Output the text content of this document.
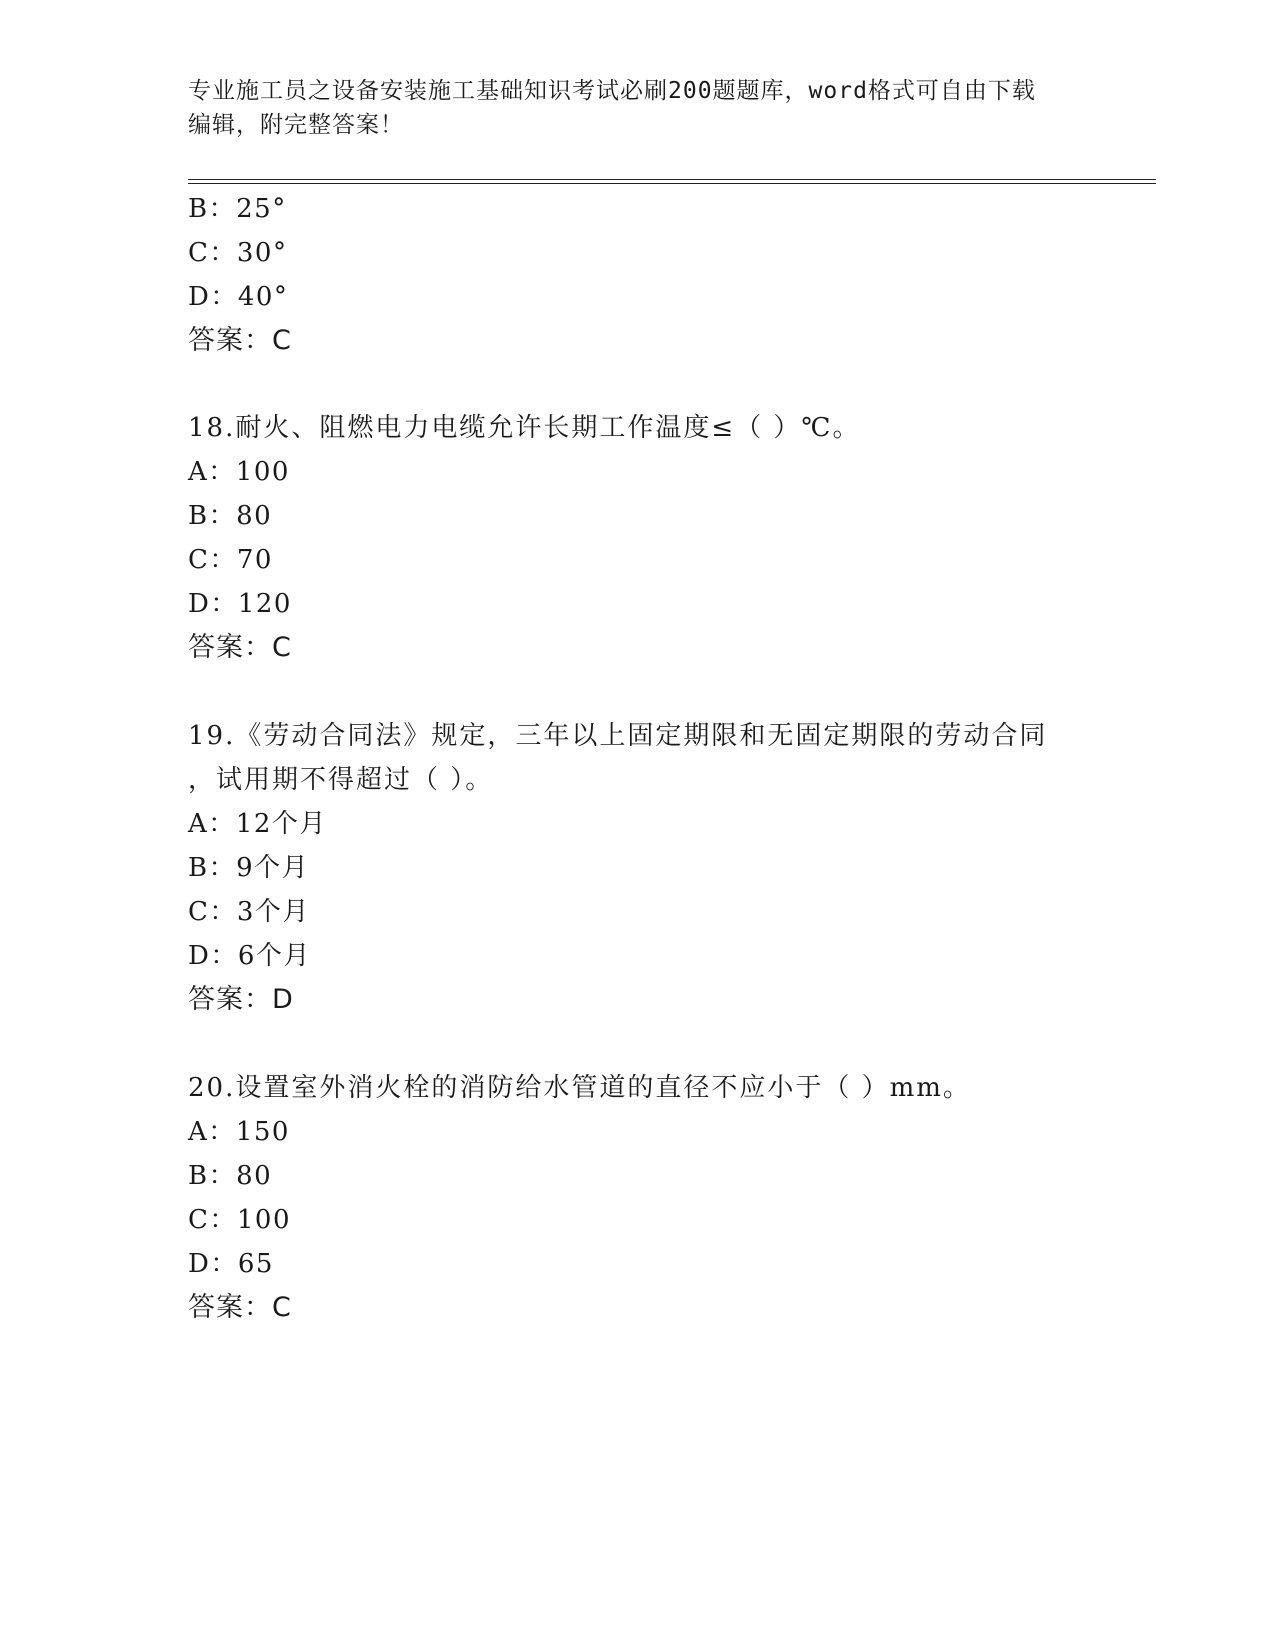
专业施工员之设备安装施工基础知识考试必刷200题题库，word格式可自由下载
编辑，附完整答案！
B：25°
C：30°
D：40°
答案：C
18.耐火、阻燃电力电缆允许长期工作温度≤（ ）℃。
A：100
B：80
C：70
D：120
答案：C
19.《劳动合同法》规定，三年以上固定期限和无固定期限的劳动合同
，试用期不得超过（ ）。
A：12个月
B：9个月
C：3个月
D：6个月
答案：D
20.设置室外消火栓的消防给水管道的直径不应小于（ ）mm。
A：150
B：80
C：100
D：65
答案：C
